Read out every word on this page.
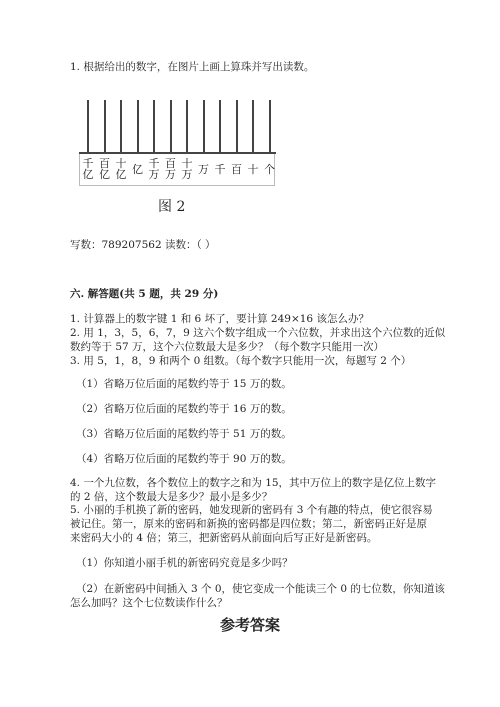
1. 根据给出的数字，在图片上画上算珠并写出读数。
千亿
百亿
十亿 亿 千万
百万
十万 万 千 百 十 个
图 2
写数：789207562 读数：（ ）
六. 解答题(共 5 题，共 29 分)
1. 计算器上的数字键 1 和 6 坏了，要计算 249×16 该怎么办？
2. 用 1，3，5，6，7，9 这六个数字组成一个六位数，并求出这个六位数的近似
数约等于 57 万，这个六位数最大是多少？（每个数字只能用一次）
3. 用 5，1，8，9 和两个 0 组数。（每个数字只能用一次，每题写 2 个）
（1）省略万位后面的尾数约等于 15 万的数。
（2）省略万位后面的尾数约等于 16 万的数。
（3）省略万位后面的尾数约等于 51 万的数。
（4）省略万位后面的尾数约等于 90 万的数。
4. 一个九位数，各个数位上的数字之和为 15，其中万位上的数字是亿位上数字
的 2 倍，这个数最大是多少？最小是多少？
5. 小丽的手机换了新的密码，她发现新的密码有 3 个有趣的特点，使它很容易
被记住。第一，原来的密码和新换的密码都是四位数；第二，新密码正好是原
来密码大小的 4 倍；第三，把新密码从前面向后写正好是新密码。
（1）你知道小丽手机的新密码究竟是多少吗？
（2）在新密码中间插入 3 个 0，使它变成一个能读三个 0 的七位数，你知道该
怎么加吗？这个七位数读作什么？
参考答案
